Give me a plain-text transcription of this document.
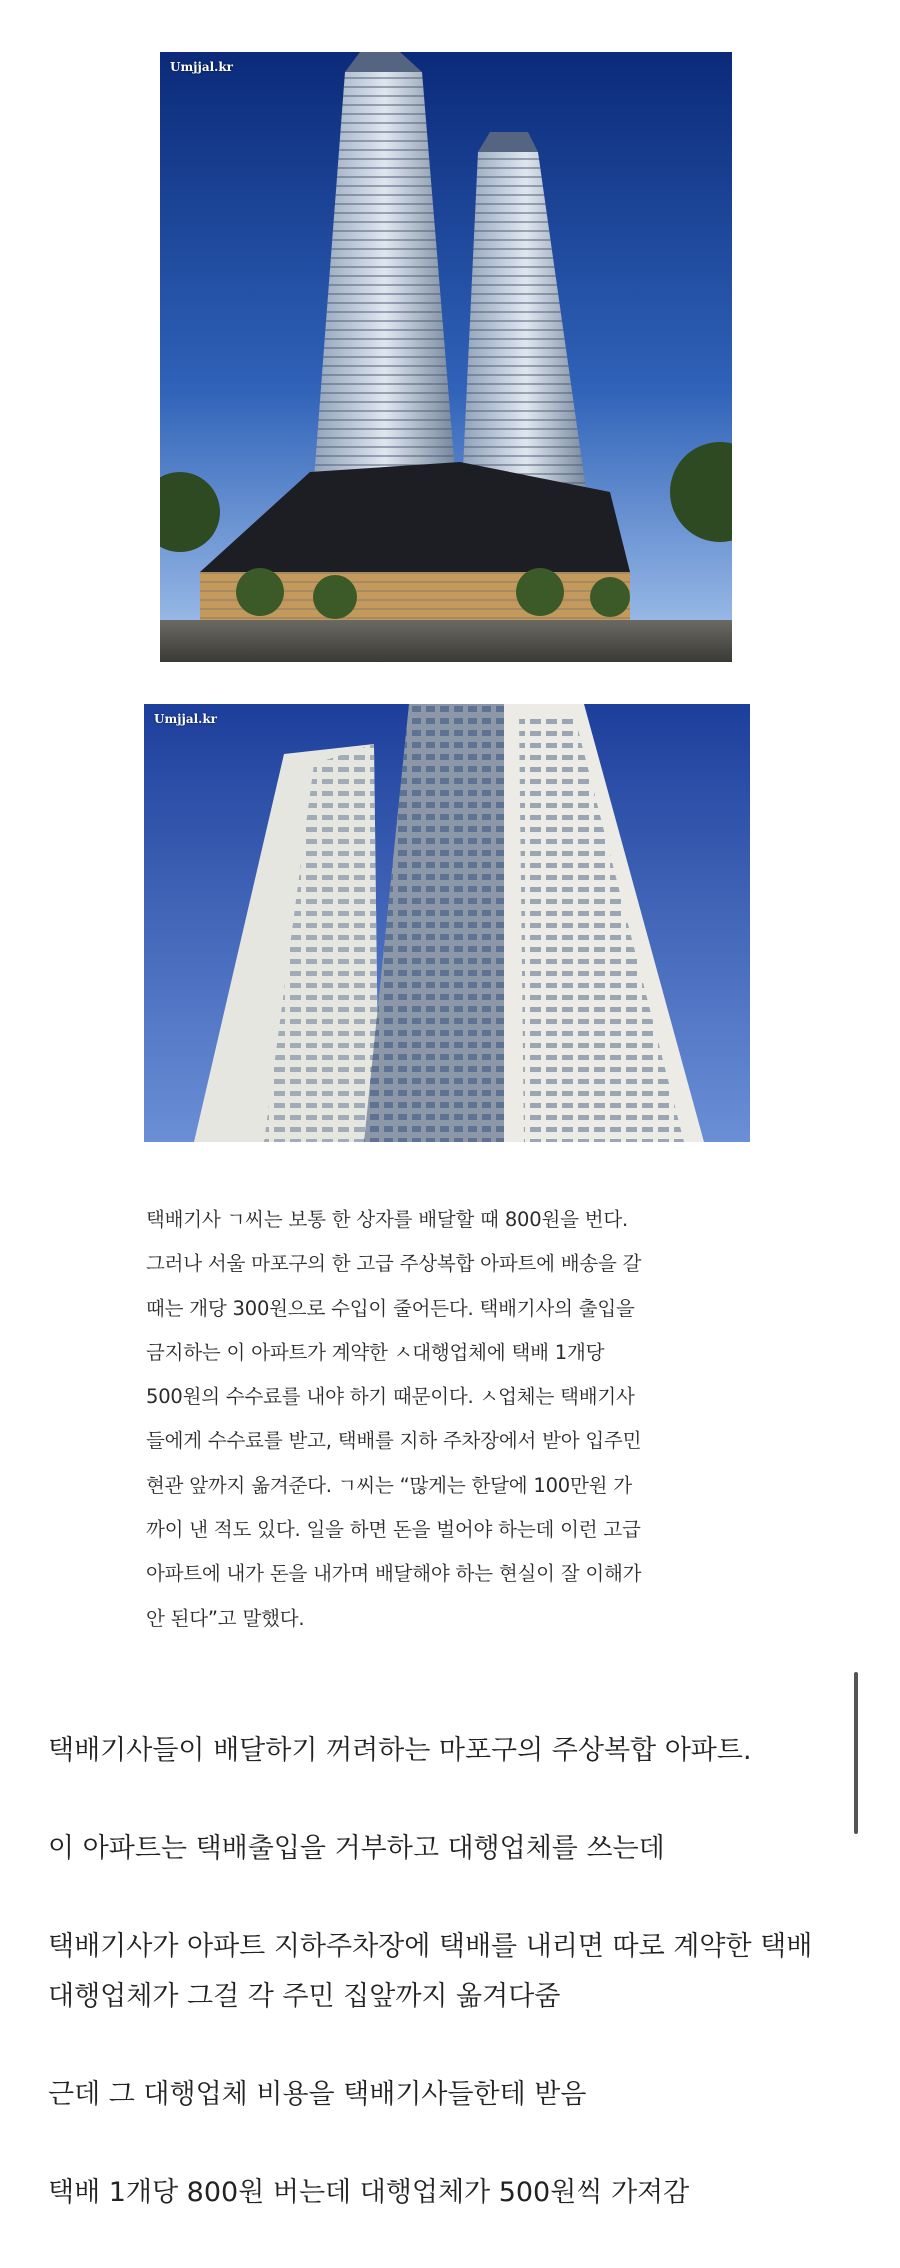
Umjjal.kr
Umjjal.kr

택배기사 ㄱ씨는 보통 한 상자를 배달할 때 800원을 번다.
그러나 서울 마포구의 한 고급 주상복합 아파트에 배송을 갈
때는 개당 300원으로 수입이 줄어든다. 택배기사의 출입을
금지하는 이 아파트가 계약한 ㅅ대행업체에 택배 1개당
500원의 수수료를 내야 하기 때문이다. ㅅ업체는 택배기사
들에게 수수료를 받고, 택배를 지하 주차장에서 받아 입주민
현관 앞까지 옮겨준다. ㄱ씨는 “많게는 한달에 100만원 가
까이 낸 적도 있다. 일을 하면 돈을 벌어야 하는데 이런 고급
아파트에 내가 돈을 내가며 배달해야 하는 현실이 잘 이해가
안 된다”고 말했다.

택배기사들이 배달하기 꺼려하는 마포구의 주상복합 아파트.

이 아파트는 택배출입을 거부하고 대행업체를 쓰는데

택배기사가 아파트 지하주차장에 택배를 내리면 따로 계약한 택배

대행업체가 그걸 각 주민 집앞까지 옮겨다줌

근데 그 대행업체 비용을 택배기사들한테 받음

택배 1개당 800원 버는데 대행업체가 500원씩 가져감
